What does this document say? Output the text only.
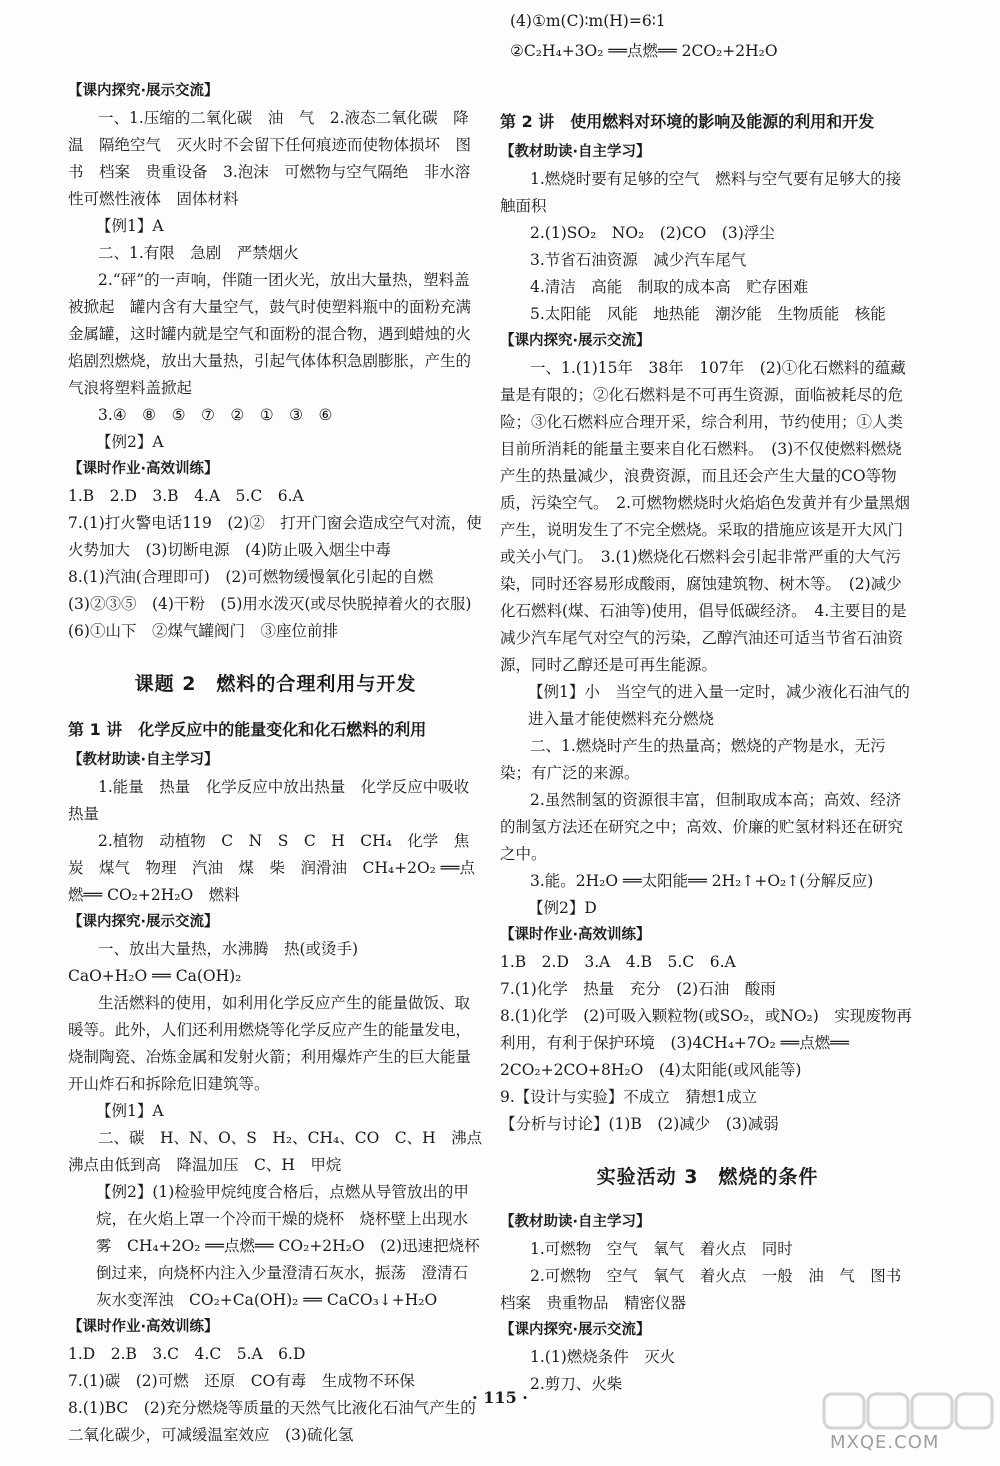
(4)①m(C)∶m(H)=6∶1
②C₂H₄+3O₂ ══点燃══ 2CO₂+2H₂O
【课内探究·展示交流】
一、1.压缩的二氧化碳　油　气　2.液态二氧化碳　降温　隔绝空气　灭火时不会留下任何痕迹而使物体损坏　图书　档案　贵重设备　3.泡沫　可燃物与空气隔绝　非水溶性可燃性液体　固体材料
【例1】A
二、1.有限　急剧　严禁烟火
2.“砰”的一声响，伴随一团火光，放出大量热，塑料盖被掀起　罐内含有大量空气，鼓气时使塑料瓶中的面粉充满金属罐，这时罐内就是空气和面粉的混合物，遇到蜡烛的火焰剧烈燃烧，放出大量热，引起气体体积急剧膨胀，产生的气浪将塑料盖掀起
3.④　⑧　⑤　⑦　②　①　③　⑥
【例2】A
【课时作业·高效训练】
1.B　2.D　3.B　4.A　5.C　6.A
7.(1)打火警电话119　(2)②　打开门窗会造成空气对流，使火势加大　(3)切断电源　(4)防止吸入烟尘中毒
8.(1)汽油(合理即可)　(2)可燃物缓慢氧化引起的自燃　(3)②③⑤　(4)干粉　(5)用水泼灭(或尽快脱掉着火的衣服)　(6)①山下　②煤气罐阀门　③座位前排
课题 2　燃料的合理利用与开发
第 1 讲　化学反应中的能量变化和化石燃料的利用
【教材助读·自主学习】
1.能量　热量　化学反应中放出热量　化学反应中吸收热量
2.植物　动植物　C　N　S　C　H　CH₄　化学　焦炭　煤气　物理　汽油　煤　柴　润滑油　CH₄+2O₂ ══点燃══ CO₂+2H₂O　燃料
【课内探究·展示交流】
一、放出大量热，水沸腾　热(或烫手)
CaO+H₂O ══ Ca(OH)₂
生活燃料的使用，如利用化学反应产生的能量做饭、取暖等。此外，人们还利用燃烧等化学反应产生的能量发电，烧制陶瓷、冶炼金属和发射火箭；利用爆炸产生的巨大能量开山炸石和拆除危旧建筑等。
【例1】A
二、碳　H、N、O、S　H₂、CH₄、CO　C、H　沸点　沸点由低到高　降温加压　C、H　甲烷
【例2】(1)检验甲烷纯度合格后，点燃从导管放出的甲烷，在火焰上罩一个冷而干燥的烧杯　烧杯壁上出现水雾　CH₄+2O₂ ══点燃══ CO₂+2H₂O　(2)迅速把烧杯倒过来，向烧杯内注入少量澄清石灰水，振荡　澄清石灰水变浑浊　CO₂+Ca(OH)₂ ══ CaCO₃↓+H₂O
【课时作业·高效训练】
1.D　2.B　3.C　4.C　5.A　6.D
7.(1)碳　(2)可燃　还原　CO有毒　生成物不环保
8.(1)BC　(2)充分燃烧等质量的天然气比液化石油气产生的二氧化碳少，可减缓温室效应　(3)硫化氢
第 2 讲　使用燃料对环境的影响及能源的利用和开发
【教材助读·自主学习】
1.燃烧时要有足够的空气　燃料与空气要有足够大的接触面积
2.(1)SO₂　NO₂　(2)CO　(3)浮尘
3.节省石油资源　减少汽车尾气
4.清洁　高能　制取的成本高　贮存困难
5.太阳能　风能　地热能　潮汐能　生物质能　核能
【课内探究·展示交流】
一、1.(1)15年　38年　107年　(2)①化石燃料的蕴藏量是有限的；②化石燃料是不可再生资源，面临被耗尽的危险；③化石燃料应合理开采，综合利用，节约使用；①人类目前所消耗的能量主要来自化石燃料。　(3)不仅使燃料燃烧产生的热量减少，浪费资源，而且还会产生大量的CO等物质，污染空气。　2.可燃物燃烧时火焰焰色发黄并有少量黑烟产生，说明发生了不完全燃烧。采取的措施应该是开大风门或关小气门。　3.(1)燃烧化石燃料会引起非常严重的大气污染，同时还容易形成酸雨，腐蚀建筑物、树木等。　(2)减少化石燃料(煤、石油等)使用，倡导低碳经济。　4.主要目的是减少汽车尾气对空气的污染，乙醇汽油还可适当节省石油资源，同时乙醇还是可再生能源。
【例1】小　当空气的进入量一定时，减少液化石油气的进入量才能使燃料充分燃烧
二、1.燃烧时产生的热量高；燃烧的产物是水，无污染；有广泛的来源。
2.虽然制氢的资源很丰富，但制取成本高；高效、经济的制氢方法还在研究之中；高效、价廉的贮氢材料还在研究之中。
3.能。2H₂O ══太阳能══ 2H₂↑+O₂↑(分解反应)
【例2】D
【课时作业·高效训练】
1.B　2.D　3.A　4.B　5.C　6.A
7.(1)化学　热量　充分　(2)石油　酸雨
8.(1)化学　(2)可吸入颗粒物(或SO₂，或NO₂)　实现废物再利用，有利于保护环境　(3)4CH₄+7O₂ ══点燃══ 2CO₂+2CO+8H₂O　(4)太阳能(或风能等)
9.【设计与实验】不成立　猜想1成立
【分析与讨论】(1)B　(2)减少　(3)减弱
实验活动 3　燃烧的条件
【教材助读·自主学习】
1.可燃物　空气　氧气　着火点　同时
2.可燃物　空气　氧气　着火点　一般　油　气　图书　档案　贵重物品　精密仪器
【课内探究·展示交流】
1.(1)燃烧条件　灭火
2.剪刀、火柴
· 115 ·
MXQE.COM
